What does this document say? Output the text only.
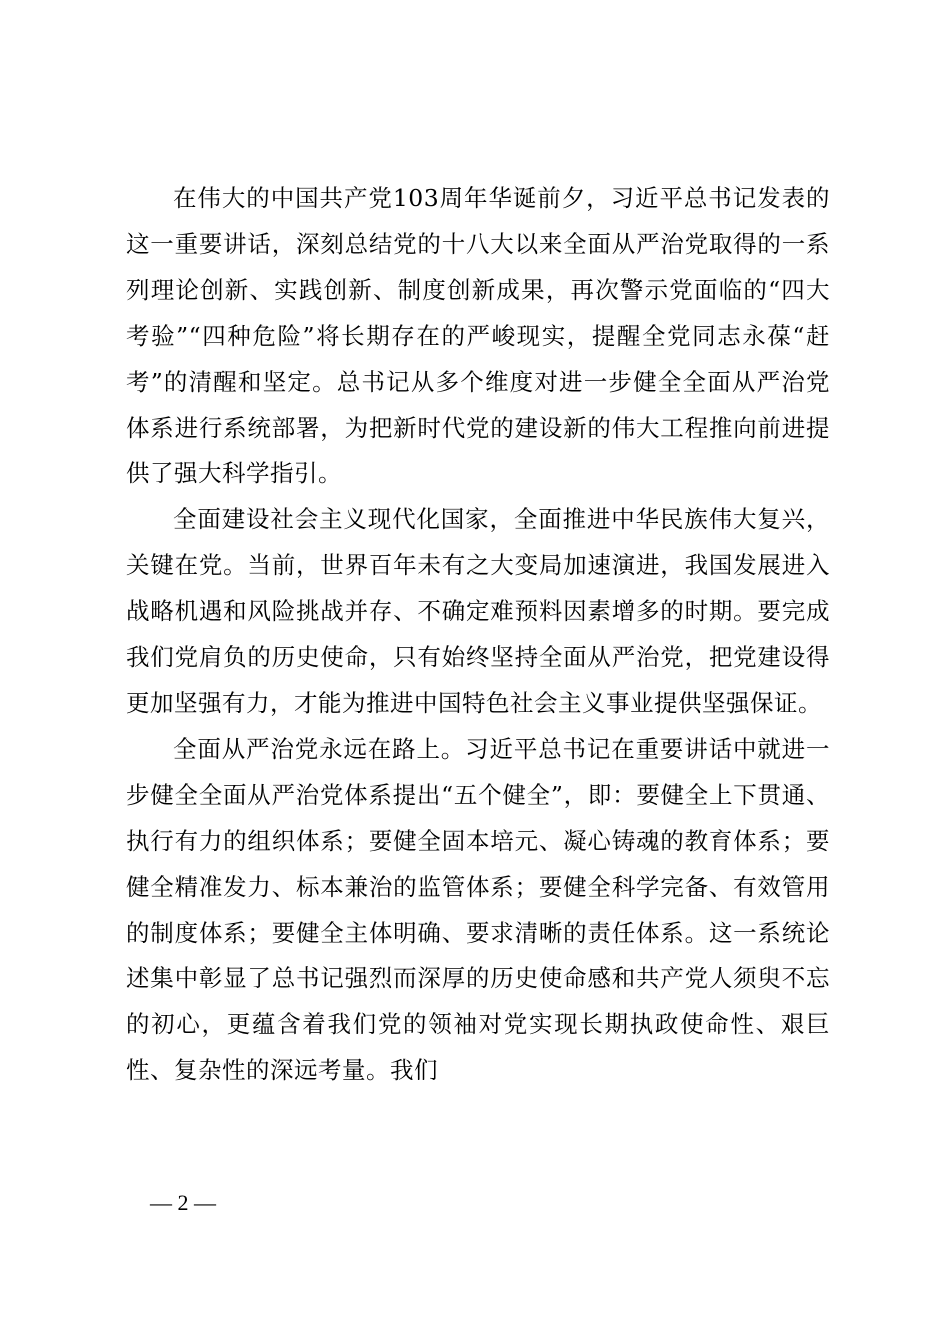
在伟大的中国共产党103周年华诞前夕，习近平总书记发表的这一重要讲话，深刻总结党的十八大以来全面从严治党取得的一系列理论创新、实践创新、制度创新成果，再次警示党面临的“四大考验”“四种危险”将长期存在的严峻现实，提醒全党同志永葆“赶考”的清醒和坚定。总书记从多个维度对进一步健全全面从严治党体系进行系统部署，为把新时代党的建设新的伟大工程推向前进提供了强大科学指引。

全面建设社会主义现代化国家，全面推进中华民族伟大复兴，关键在党。当前，世界百年未有之大变局加速演进，我国发展进入战略机遇和风险挑战并存、不确定难预料因素增多的时期。要完成我们党肩负的历史使命，只有始终坚持全面从严治党，把党建设得更加坚强有力，才能为推进中国特色社会主义事业提供坚强保证。

全面从严治党永远在路上。习近平总书记在重要讲话中就进一步健全全面从严治党体系提出“五个健全”，即：要健全上下贯通、执行有力的组织体系；要健全固本培元、凝心铸魂的教育体系；要健全精准发力、标本兼治的监管体系；要健全科学完备、有效管用的制度体系；要健全主体明确、要求清晰的责任体系。这一系统论述集中彰显了总书记强烈而深厚的历史使命感和共产党人须臾不忘的初心，更蕴含着我们党的领袖对党实现长期执政使命性、艰巨性、复杂性的深远考量。我们

— 2 —
